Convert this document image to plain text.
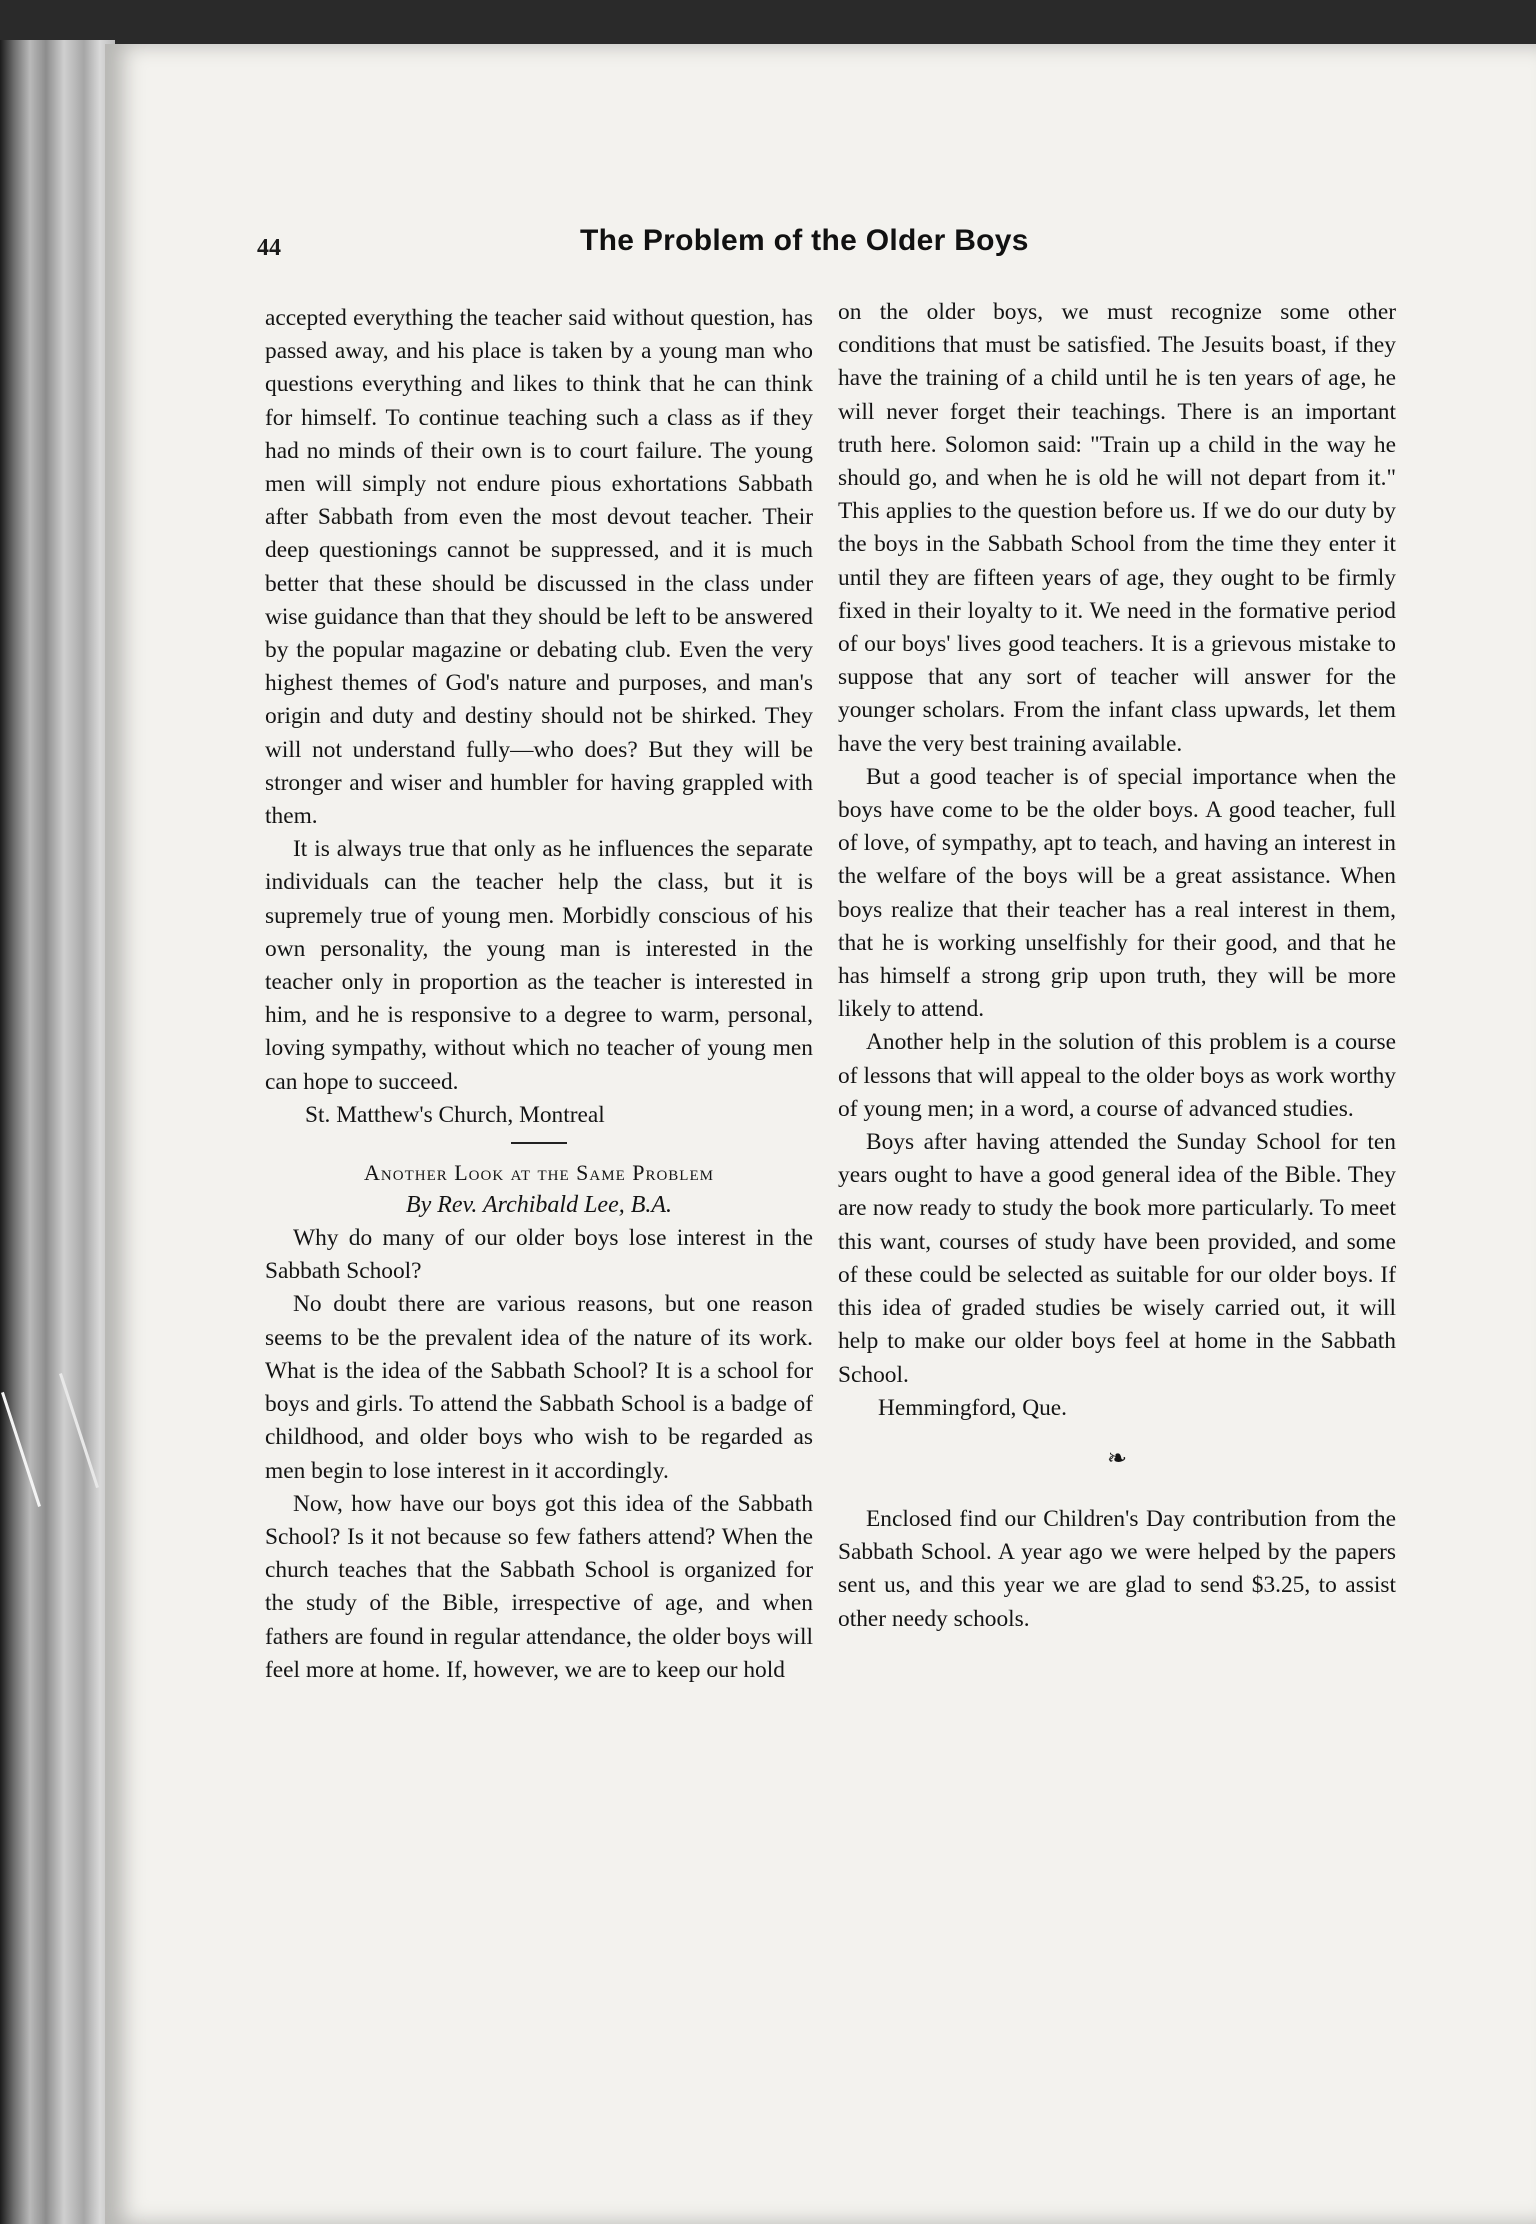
44	The Problem of the Older Boys

accepted everything the teacher said without question, has passed away, and his place is taken by a young man who questions everything and likes to think that he can think for himself. To continue teaching such a class as if they had no minds of their own is to court failure. The young men will simply not endure pious exhortations Sabbath after Sabbath from even the most devout teacher. Their deep questionings cannot be suppressed, and it is much better that these should be discussed in the class under wise guidance than that they should be left to be answered by the popular magazine or debating club. Even the very highest themes of God's nature and purposes, and man's origin and duty and destiny should not be shirked. They will not understand fully—who does? But they will be stronger and wiser and humbler for having grappled with them.

It is always true that only as he influences the separate individuals can the teacher help the class, but it is supremely true of young men. Morbidly conscious of his own personality, the young man is interested in the teacher only in proportion as the teacher is interested in him, and he is responsive to a degree to warm, personal, loving sympathy, without which no teacher of young men can hope to succeed.

St. Matthew's Church, Montreal

Another Look at the Same Problem

By Rev. Archibald Lee, B.A.

Why do many of our older boys lose interest in the Sabbath School?

No doubt there are various reasons, but one reason seems to be the prevalent idea of the nature of its work. What is the idea of the Sabbath School? It is a school for boys and girls. To attend the Sabbath School is a badge of childhood, and older boys who wish to be regarded as men begin to lose interest in it accordingly.

Now, how have our boys got this idea of the Sabbath School? Is it not because so few fathers attend? When the church teaches that the Sabbath School is organized for the study of the Bible, irrespective of age, and when fathers are found in regular attendance, the older boys will feel more at home. If, however, we are to keep our hold

on the older boys, we must recognize some other conditions that must be satisfied. The Jesuits boast, if they have the training of a child until he is ten years of age, he will never forget their teachings. There is an important truth here. Solomon said: "Train up a child in the way he should go, and when he is old he will not depart from it." This applies to the question before us. If we do our duty by the boys in the Sabbath School from the time they enter it until they are fifteen years of age, they ought to be firmly fixed in their loyalty to it. We need in the formative period of our boys' lives good teachers. It is a grievous mistake to suppose that any sort of teacher will answer for the younger scholars. From the infant class upwards, let them have the very best training available.

But a good teacher is of special importance when the boys have come to be the older boys. A good teacher, full of love, of sympathy, apt to teach, and having an interest in the welfare of the boys will be a great assistance. When boys realize that their teacher has a real interest in them, that he is working unselfishly for their good, and that he has himself a strong grip upon truth, they will be more likely to attend.

Another help in the solution of this problem is a course of lessons that will appeal to the older boys as work worthy of young men; in a word, a course of advanced studies.

Boys after having attended the Sunday School for ten years ought to have a good general idea of the Bible. They are now ready to study the book more particularly. To meet this want, courses of study have been provided, and some of these could be selected as suitable for our older boys. If this idea of graded studies be wisely carried out, it will help to make our older boys feel at home in the Sabbath School.

Hemmingford, Que.

❧

Enclosed find our Children's Day contribution from the Sabbath School. A year ago we were helped by the papers sent us, and this year we are glad to send $3.25, to assist other needy schools.
